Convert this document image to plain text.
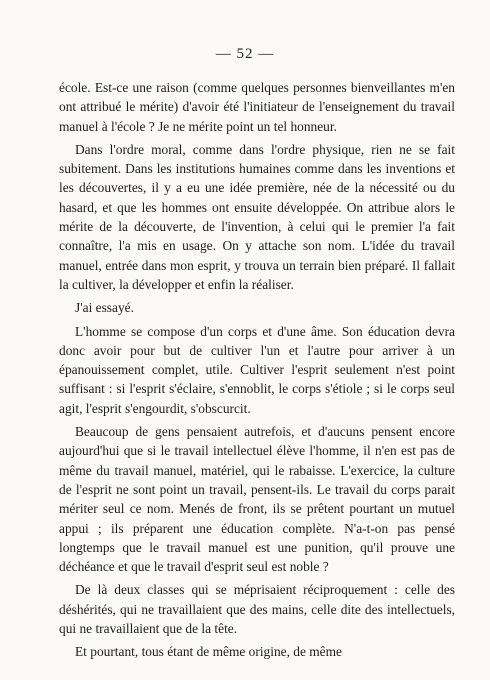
— 52 —

école. Est-ce une raison (comme quelques personnes bienveillantes m'en ont attribué le mérite) d'avoir été l'initiateur de l'enseignement du travail manuel à l'école ? Je ne mérite point un tel honneur.

Dans l'ordre moral, comme dans l'ordre physique, rien ne se fait subitement. Dans les institutions humaines comme dans les inventions et les découvertes, il y a eu une idée première, née de la nécessité ou du hasard, et que les hommes ont ensuite développée. On attribue alors le mérite de la découverte, de l'invention, à celui qui le premier l'a fait connaître, l'a mis en usage. On y attache son nom. L'idée du travail manuel, entrée dans mon esprit, y trouva un terrain bien préparé. Il fallait la cultiver, la développer et enfin la réaliser.

J'ai essayé.

L'homme se compose d'un corps et d'une âme. Son éducation devra donc avoir pour but de cultiver l'un et l'autre pour arriver à un épanouissement complet, utile. Cultiver l'esprit seulement n'est point suffisant : si l'esprit s'éclaire, s'ennoblit, le corps s'étiole ; si le corps seul agit, l'esprit s'engourdit, s'obscurcit.

Beaucoup de gens pensaient autrefois, et d'aucuns pensent encore aujourd'hui que si le travail intellectuel élève l'homme, il n'en est pas de même du travail manuel, matériel, qui le rabaisse. L'exercice, la culture de l'esprit ne sont point un travail, pensent-ils. Le travail du corps parait mériter seul ce nom. Menés de front, ils se prêtent pourtant un mutuel appui ; ils préparent une éducation complète. N'a-t-on pas pensé longtemps que le travail manuel est une punition, qu'il prouve une déchéance et que le travail d'esprit seul est noble ?

De là deux classes qui se méprisaient réciproquement : celle des déshérités, qui ne travaillaient que des mains, celle dite des intellectuels, qui ne travaillaient que de la tête.

Et pourtant, tous étant de même origine, de même
